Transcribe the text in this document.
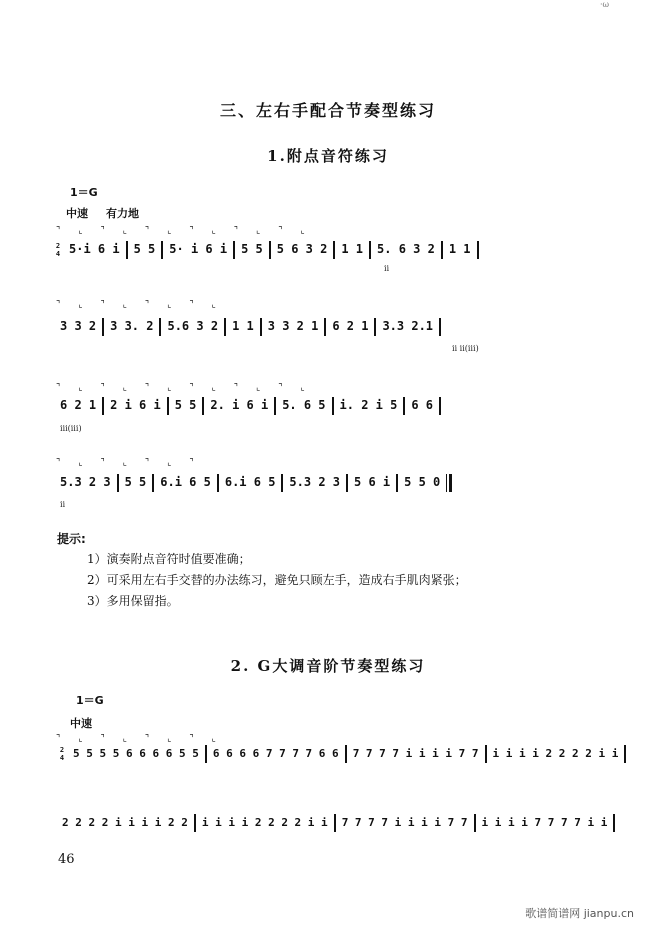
·ω
三、左右手配合节奏型练习
1.附点音符练习
1＝G
中速 有力地
⌝⌞⌝⌞⌝⌞⌝⌞⌝⌞⌝⌞
2
4 5·i 6 i 5 5 5· i 6 i 5 5 5 6 3 2 1 1 5. 6 3 2 1 1
ⅱ
⌝⌞⌝⌞⌝⌞⌝⌞
3 3 2 3 3. 2 5.6 3 2 1 1 3 3 2 1 6 2 1 3.3 2.1
ⅱ ⅱ(ⅲ)
⌝⌞⌝⌞⌝⌞⌝⌞⌝⌞⌝⌞
6 2 1 2 i 6 i 5 5 2. i 6 i 5. 6 5 i. 2 i 5 6 6
ⅲ(ⅲ)
⌝⌞⌝⌞⌝⌞⌝
5.3 2 3 5 5 6.i 6 5 6.i 6 5 5.3 2 3 5 6 i 5 5 0
ⅱ
提示:
1）演奏附点音符时值要准确；
2）可采用左右手交替的办法练习，避免只顾左手，造成右手肌肉紧张；
3）多用保留指。
2. G大调音阶节奏型练习
1＝G
中速
⌝⌞⌝⌞⌝⌞⌝⌞
2
4 5 5 5 5 6 6 6 6 5 5 6 6 6 6 7 7 7 7 6 6 7 7 7 7 i i i i 7 7 i i i i 2 2 2 2 i i
2 2 2 2 i i i i 2 2 i i i i 2 2 2 2 i i 7 7 7 7 i i i i 7 7 i i i i 7 7 7 7 i i
46
歌谱简谱网 jianpu.cn
